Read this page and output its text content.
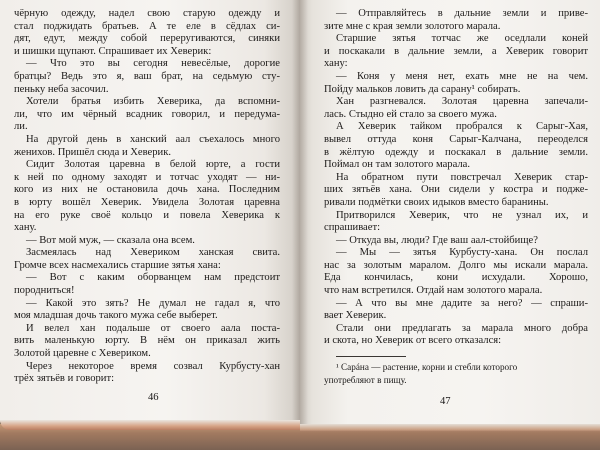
чёрную одежду, надел свою старую одежду и
стал поджидать братьев. А те еле в сёдлах си-
дят, едут, между собой переругиваются, синяки
и шишки щупают. Спрашивает их Хеверик:
— Что это вы сегодня невесёлые, дорогие
братцы? Ведь это я, ваш брат, на седьмую сту-
пеньку неба засочил.
Хотели братья избить Хеверика, да вспомни-
ли, что им чёрный всадник говорил, и передума-
ли.
На другой день в ханский аал съехалось много
женихов. Пришёл сюда и Хеверик.
Сидит Золотая царевна в белой юрте, а гости
к ней по одному заходят и тотчас уходят — ни-
кого из них не остановила дочь хана. Последним
в юрту вошёл Хеверик. Увидела Золотая царевна
на его руке своё кольцо и повела Хеверика к
хану.
— Вот мой муж, — сказала она всем.
Засмеялась над Хевериком ханская свита.
Громче всех насмехались старшие зятья хана:
— Вот с каким оборванцем нам предстоит
породниться!
— Какой это зять? Не думал не гадал я, что
моя младшая дочь такого мужа себе выберет.
И велел хан подальше от своего аала поста-
вить маленькую юрту. В нём он приказал жить
Золотой царевне с Хевериком.
Через некоторое время созвал Курбусту-хан
трёх зятьёв и говорит:
46
— Отправляйтесь в дальние земли и приве-
зите мне с края земли золотого марала.
Старшие зятья тотчас же оседлали коней
и поскакали в дальние земли, а Хеверик говорит
хану:
— Коня у меня нет, ехать мне не на чем.
Пойду мальков ловить да сарану¹ собирать.
Хан разгневался. Золотая царевна запечали-
лась. Стыдно ей стало за своего мужа.
А Хеверик тайком пробрался к Сарыг-Хая,
вывел оттуда коня Сарыг-Калчана, переоделся
в жёлтую одежду и поскакал в дальние земли.
Поймал он там золотого марала.
На обратном пути повстречал Хеверик стар-
ших зятьёв хана. Они сидели у костра и подже-
ривали подмётки своих идыков вместо баранины.
Притворился Хеверик, что не узнал их, и
спрашивает:
— Откуда вы, люди? Где ваш аал-стойбище?
— Мы — зятья Курбусту-хана. Он послал
нас за золотым маралом. Долго мы искали марала.
Еда кончилась, кони исхудали. Хорошо,
что нам встретился. Отдай нам золотого марала.
— А что вы мне дадите за него? — спраши-
вает Хеверик.
Стали они предлагать за марала много добра
и скота, но Хеверик от всего отказался:
¹ Сарáна — растение, корни и стебли которого
употребляют в пищу.
47
